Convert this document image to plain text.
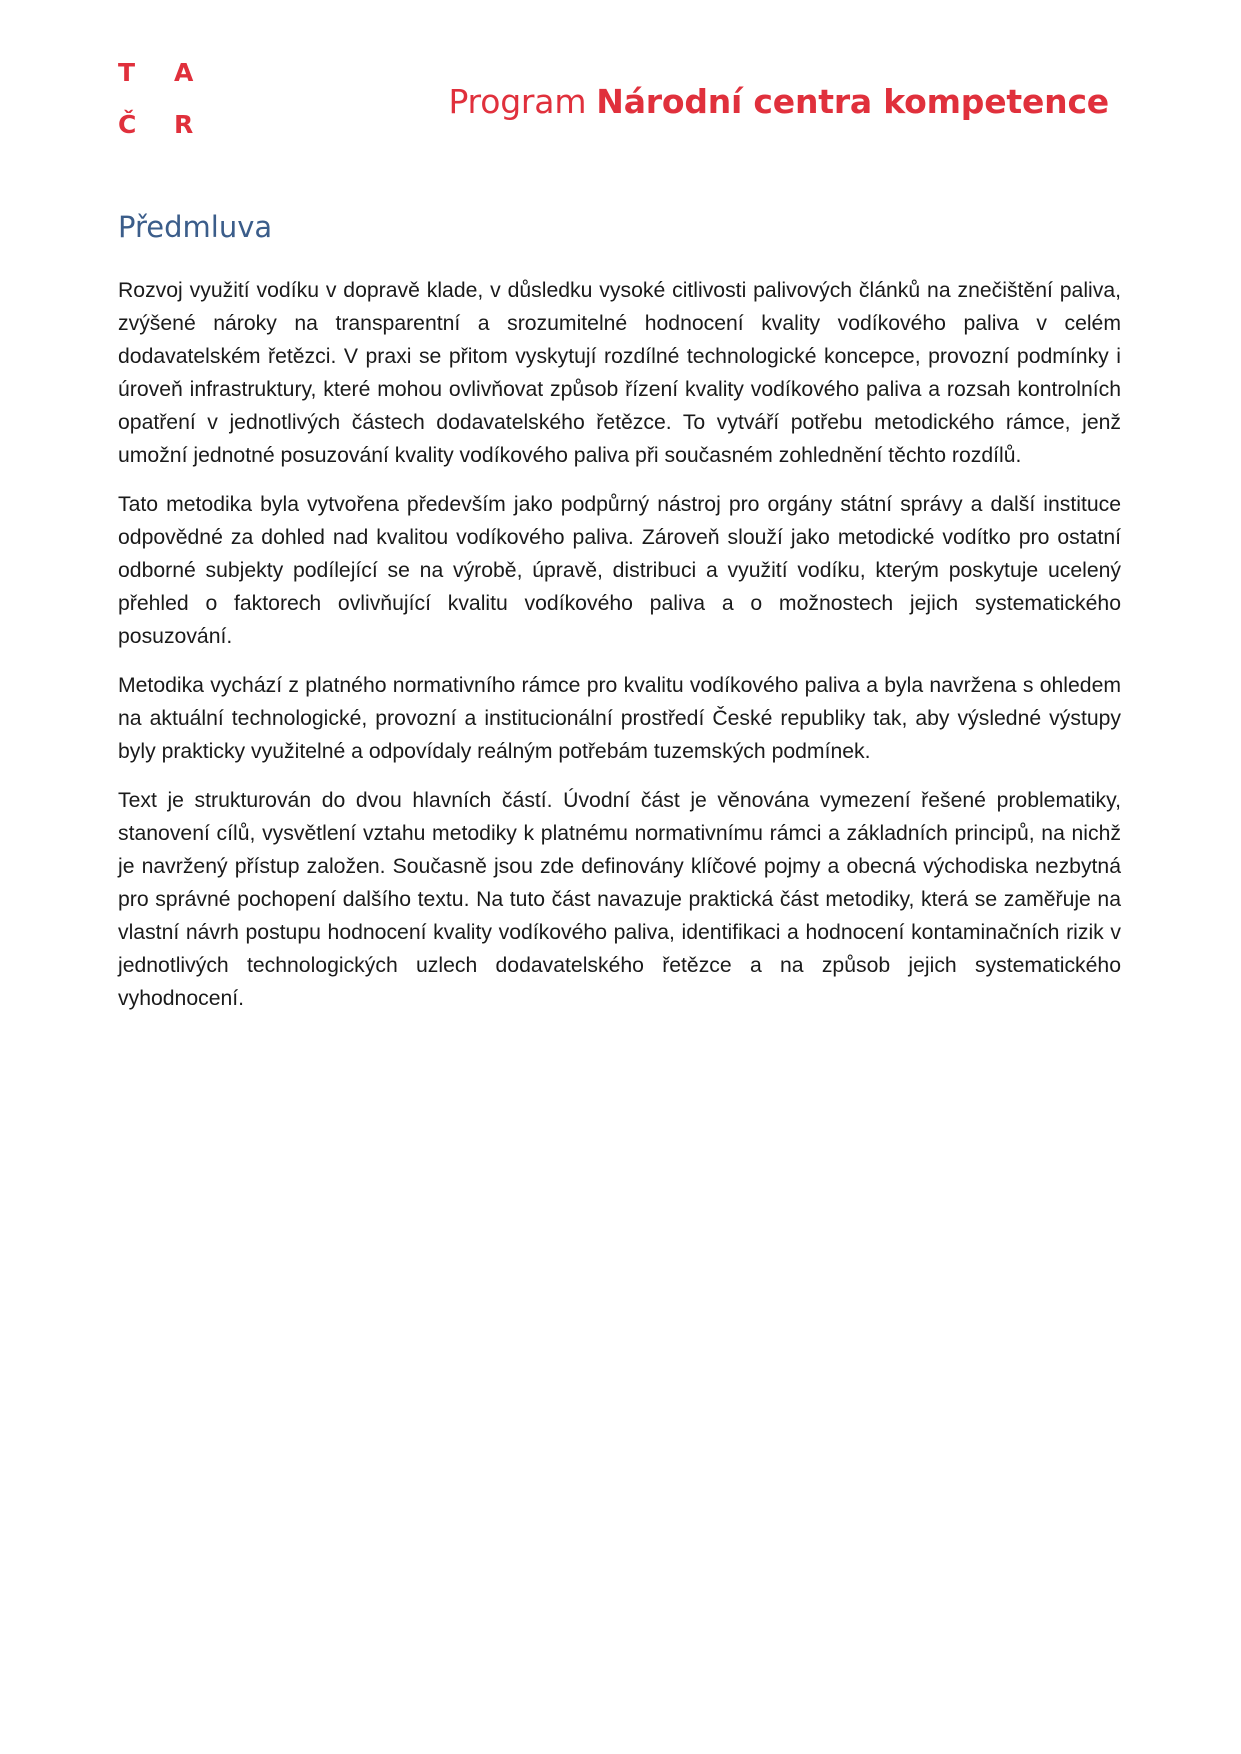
T	A
Č	R
Program Národní centra kompetence
Předmluva

Rozvoj využití vodíku v dopravě klade, v důsledku vysoké citlivosti palivových článků na znečištění paliva, zvýšené nároky na transparentní a srozumitelné hodnocení kvality vodíkového paliva v celém dodavatelském řetězci. V praxi se přitom vyskytují rozdílné technologické koncepce, provozní podmínky i úroveň infrastruktury, které mohou ovlivňovat způsob řízení kvality vodíkového paliva a rozsah kontrolních opatření v jednotlivých částech dodavatelského řetězce. To vytváří potřebu metodického rámce, jenž umožní jednotné posuzování kvality vodíkového paliva při současném zohlednění těchto rozdílů.

Tato metodika byla vytvořena především jako podpůrný nástroj pro orgány státní správy a další instituce odpovědné za dohled nad kvalitou vodíkového paliva. Zároveň slouží jako metodické vodítko pro ostatní odborné subjekty podílející se na výrobě, úpravě, distribuci a využití vodíku, kterým poskytuje ucelený přehled o faktorech ovlivňující kvalitu vodíkového paliva a o možnostech jejich systematického posuzování.

Metodika vychází z platného normativního rámce pro kvalitu vodíkového paliva a byla navržena s ohledem na aktuální technologické, provozní a institucionální prostředí České republiky tak, aby výsledné výstupy byly prakticky využitelné a odpovídaly reálným potřebám tuzemských podmínek.

Text je strukturován do dvou hlavních částí. Úvodní část je věnována vymezení řešené problematiky, stanovení cílů, vysvětlení vztahu metodiky k platnému normativnímu rámci a základních principů, na nichž je navržený přístup založen. Současně jsou zde definovány klíčové pojmy a obecná východiska nezbytná pro správné pochopení dalšího textu. Na tuto část navazuje praktická část metodiky, která se zaměřuje na vlastní návrh postupu hodnocení kvality vodíkového paliva, identifikaci a hodnocení kontaminačních rizik v jednotlivých technologických uzlech dodavatelského řetězce a na způsob jejich systematického vyhodnocení.
